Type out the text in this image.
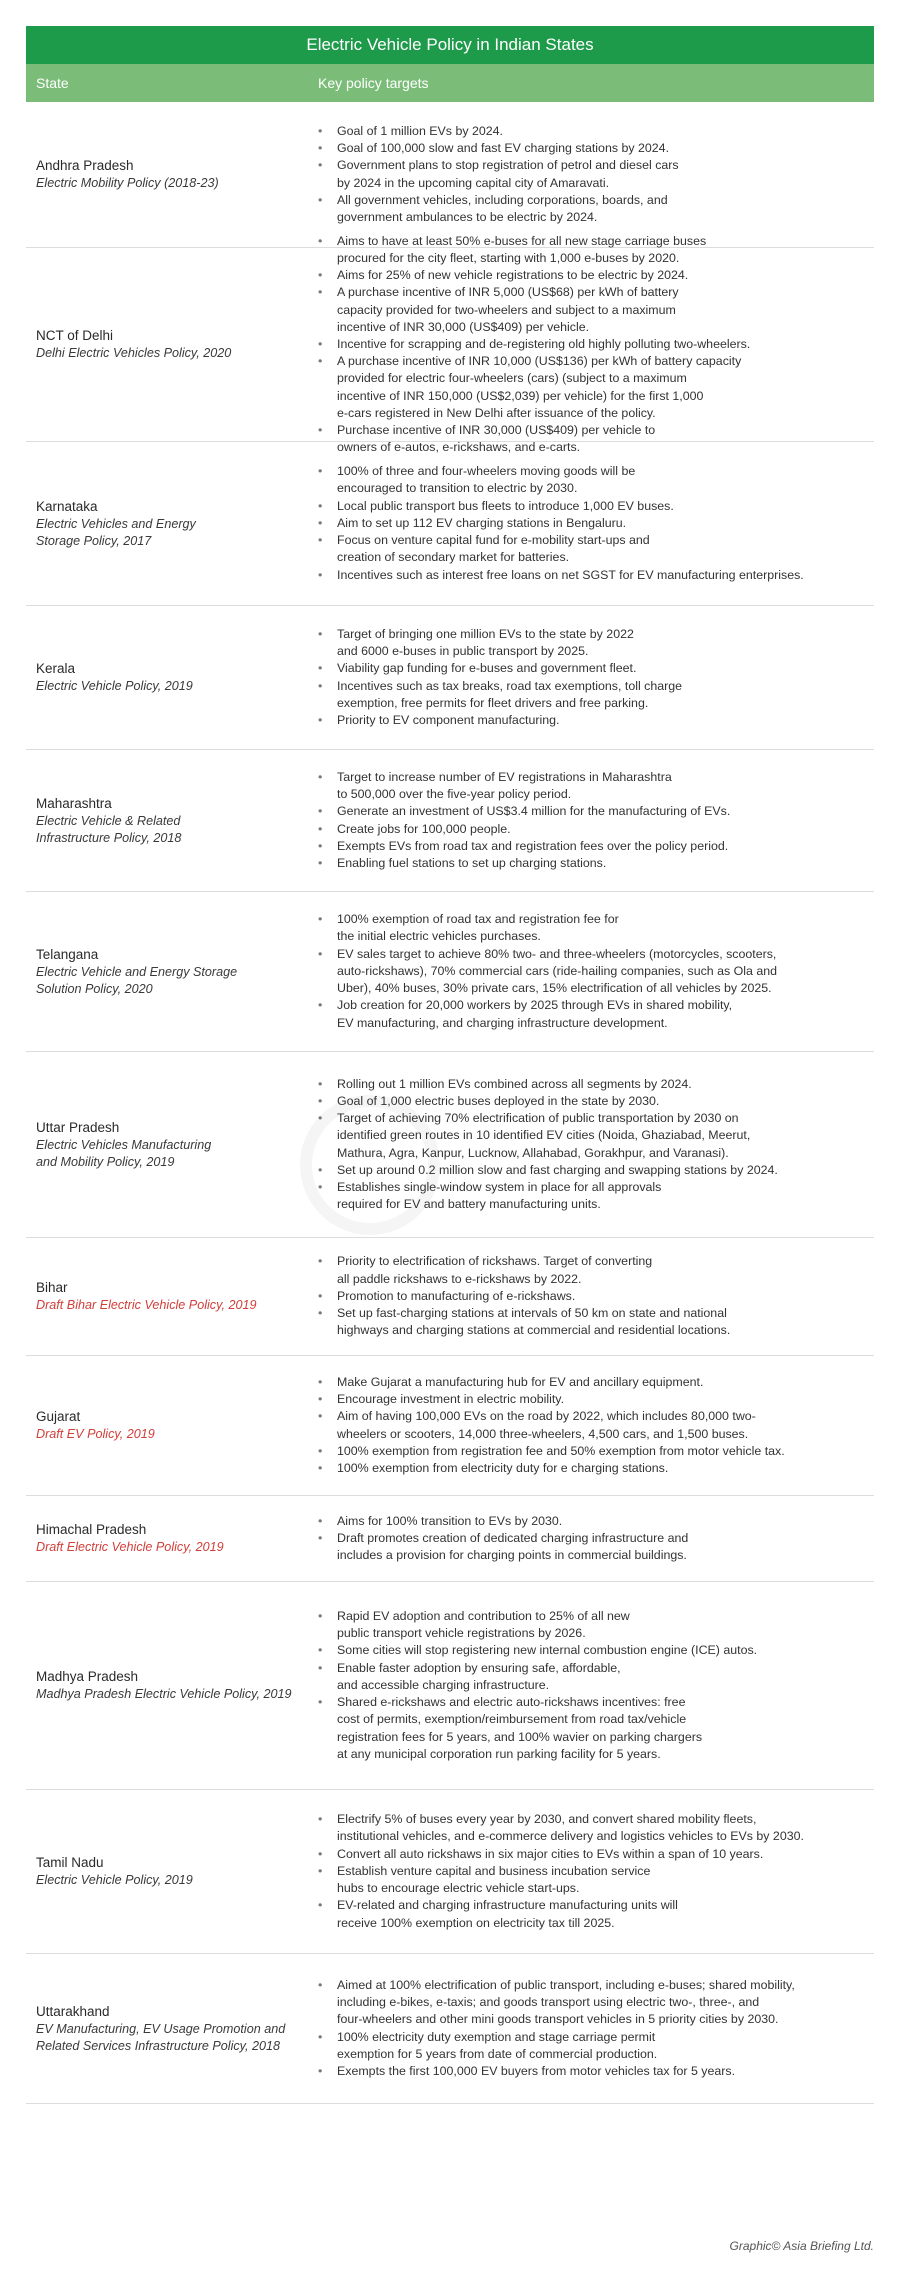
Electric Vehicle Policy in Indian States
State	Key policy targets
Andhra Pradesh
Electric Mobility Policy (2018-23)
• Goal of 1 million EVs by 2024.
• Goal of 100,000 slow and fast EV charging stations by 2024.
• Government plans to stop registration of petrol and diesel cars
by 2024 in the upcoming capital city of Amaravati.
• All government vehicles, including corporations, boards, and
government ambulances to be electric by 2024.
NCT of Delhi
Delhi Electric Vehicles Policy, 2020
• Aims to have at least 50% e-buses for all new stage carriage buses
procured for the city fleet, starting with 1,000 e-buses by 2020.
• Aims for 25% of new vehicle registrations to be electric by 2024.
• A purchase incentive of INR 5,000 (US$68) per kWh of battery
capacity provided for two-wheelers and subject to a maximum
incentive of INR 30,000 (US$409) per vehicle.
• Incentive for scrapping and de-registering old highly polluting two-wheelers.
• A purchase incentive of INR 10,000 (US$136) per kWh of battery capacity
provided for electric four-wheelers (cars) (subject to a maximum
incentive of INR 150,000 (US$2,039) per vehicle) for the first 1,000
e-cars registered in New Delhi after issuance of the policy.
• Purchase incentive of INR 30,000 (US$409) per vehicle to
owners of e-autos, e-rickshaws, and e-carts.
Karnataka
Electric Vehicles and Energy
Storage Policy, 2017
• 100% of three and four-wheelers moving goods will be
encouraged to transition to electric by 2030.
• Local public transport bus fleets to introduce 1,000 EV buses.
• Aim to set up 112 EV charging stations in Bengaluru.
• Focus on venture capital fund for e-mobility start-ups and
creation of secondary market for batteries.
• Incentives such as interest free loans on net SGST for EV manufacturing enterprises.
Kerala
Electric Vehicle Policy, 2019
• Target of bringing one million EVs to the state by 2022
and 6000 e-buses in public transport by 2025.
• Viability gap funding for e-buses and government fleet.
• Incentives such as tax breaks, road tax exemptions, toll charge
exemption, free permits for fleet drivers and free parking.
• Priority to EV component manufacturing.
Maharashtra
Electric Vehicle & Related
Infrastructure Policy, 2018
• Target to increase number of EV registrations in Maharashtra
to 500,000 over the five-year policy period.
• Generate an investment of US$3.4 million for the manufacturing of EVs.
• Create jobs for 100,000 people.
• Exempts EVs from road tax and registration fees over the policy period.
• Enabling fuel stations to set up charging stations.
Telangana
Electric Vehicle and Energy Storage
Solution Policy, 2020
• 100% exemption of road tax and registration fee for
the initial electric vehicles purchases.
• EV sales target to achieve 80% two- and three-wheelers (motorcycles, scooters,
auto-rickshaws), 70% commercial cars (ride-hailing companies, such as Ola and
Uber), 40% buses, 30% private cars, 15% electrification of all vehicles by 2025.
• Job creation for 20,000 workers by 2025 through EVs in shared mobility,
EV manufacturing, and charging infrastructure development.
Uttar Pradesh
Electric Vehicles Manufacturing
and Mobility Policy, 2019
• Rolling out 1 million EVs combined across all segments by 2024.
• Goal of 1,000 electric buses deployed in the state by 2030.
• Target of achieving 70% electrification of public transportation by 2030 on
identified green routes in 10 identified EV cities (Noida, Ghaziabad, Meerut,
Mathura, Agra, Kanpur, Lucknow, Allahabad, Gorakhpur, and Varanasi).
• Set up around 0.2 million slow and fast charging and swapping stations by 2024.
• Establishes single-window system in place for all approvals
required for EV and battery manufacturing units.
Bihar
Draft Bihar Electric Vehicle Policy, 2019
• Priority to electrification of rickshaws. Target of converting
all paddle rickshaws to e-rickshaws by 2022.
• Promotion to manufacturing of e-rickshaws.
• Set up fast-charging stations at intervals of 50 km on state and national
highways and charging stations at commercial and residential locations.
Gujarat
Draft EV Policy, 2019
• Make Gujarat a manufacturing hub for EV and ancillary equipment.
• Encourage investment in electric mobility.
• Aim of having 100,000 EVs on the road by 2022, which includes 80,000 two-
wheelers or scooters, 14,000 three-wheelers, 4,500 cars, and 1,500 buses.
• 100% exemption from registration fee and 50% exemption from motor vehicle tax.
• 100% exemption from electricity duty for e charging stations.
Himachal Pradesh
Draft Electric Vehicle Policy, 2019
• Aims for 100% transition to EVs by 2030.
• Draft promotes creation of dedicated charging infrastructure and
includes a provision for charging points in commercial buildings.
Madhya Pradesh
Madhya Pradesh Electric Vehicle Policy, 2019
• Rapid EV adoption and contribution to 25% of all new
public transport vehicle registrations by 2026.
• Some cities will stop registering new internal combustion engine (ICE) autos.
• Enable faster adoption by ensuring safe, affordable,
and accessible charging infrastructure.
• Shared e-rickshaws and electric auto-rickshaws incentives: free
cost of permits, exemption/reimbursement from road tax/vehicle
registration fees for 5 years, and 100% wavier on parking chargers
at any municipal corporation run parking facility for 5 years.
Tamil Nadu
Electric Vehicle Policy, 2019
• Electrify 5% of buses every year by 2030, and convert shared mobility fleets,
institutional vehicles, and e-commerce delivery and logistics vehicles to EVs by 2030.
• Convert all auto rickshaws in six major cities to EVs within a span of 10 years.
• Establish venture capital and business incubation service
hubs to encourage electric vehicle start-ups.
• EV-related and charging infrastructure manufacturing units will
receive 100% exemption on electricity tax till 2025.
Uttarakhand
EV Manufacturing, EV Usage Promotion and
Related Services Infrastructure Policy, 2018
• Aimed at 100% electrification of public transport, including e-buses; shared mobility,
including e-bikes, e-taxis; and goods transport using electric two-, three-, and
four-wheelers and other mini goods transport vehicles in 5 priority cities by 2030.
• 100% electricity duty exemption and stage carriage permit
exemption for 5 years from date of commercial production.
• Exempts the first 100,000 EV buyers from motor vehicles tax for 5 years.
Graphic© Asia Briefing Ltd.
